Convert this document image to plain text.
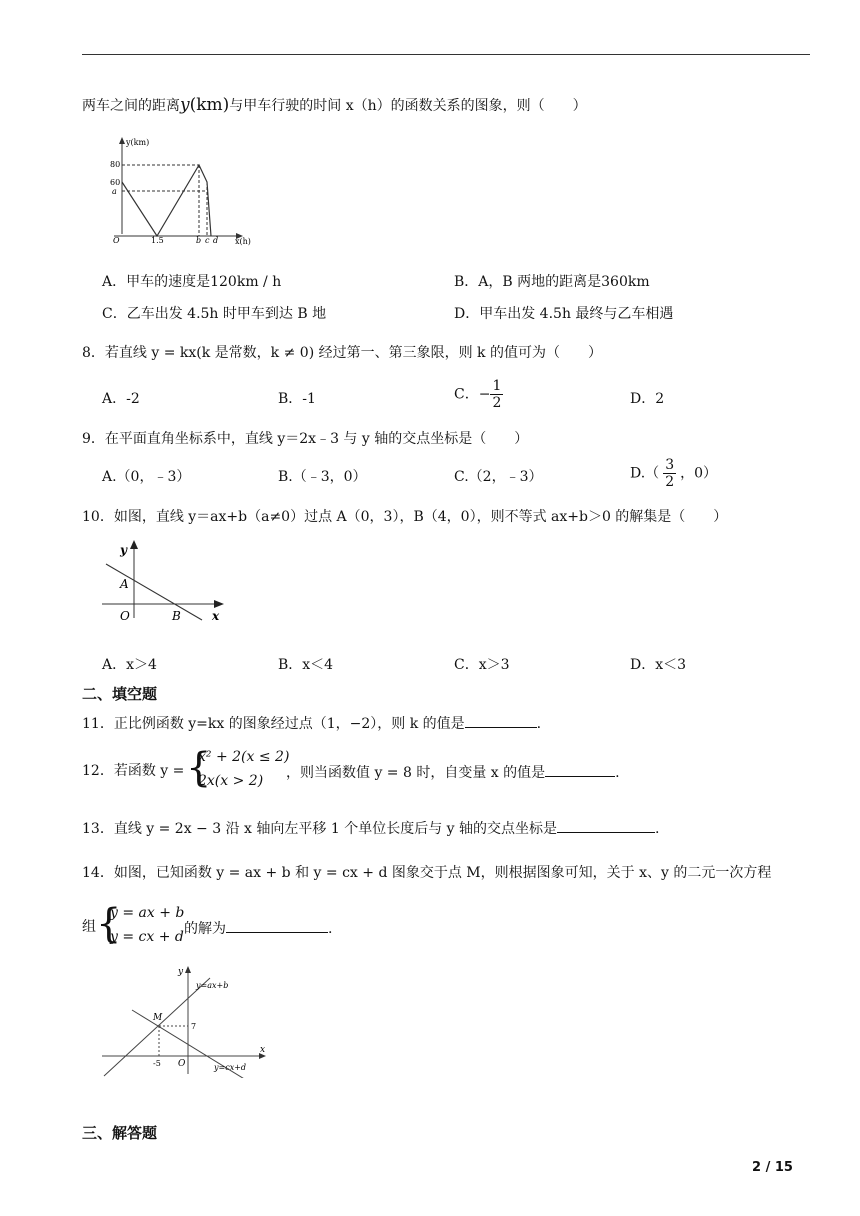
两车之间的距离y(km)与甲车行驶的时间 x（h）的函数关系的图象，则（　　）
y(km)
x(h)
80
60
a
O	1.5	b c d
A．甲车的速度是120km / h	B．A，B 两地的距离是360km
C．乙车出发 4.5h 时甲车到达 B 地	D．甲车出发 4.5h 最终与乙车相遇
8．若直线 y = kx(k 是常数，k ≠ 0) 经过第一、第三象限，则 k 的值可为（　　）
A．-2	B．-1	C．− $\frac{1}{2}$	D．2
9．在平面直角坐标系中，直线 y＝2x﹣3 与 y 轴的交点坐标是（　　）
A.（0，﹣3）	B.（﹣3，0）	C.（2，﹣3）	$D.( \frac{3}{2}$ ，0）
10．如图，直线 y＝ax+b（a≠0）过点 A（0，3），B（4，0），则不等式 ax+b＞0 的解集是（　　）
y
x
A
B
O
A．x＞4	B．x＜4	C．x＞3	D．x＜3
二、填空题
11．正比例函数 y=kx 的图象经过点（1，−2），则 k 的值是	.
12．若函数 y = {
x² + 2(x ≤ 2)
2x(x > 2) ，则当函数值 y = 8 时，自变量 x 的值是	.
13．直线 y = 2x − 3 沿 x 轴向左平移 1 个单位长度后与 y 轴的交点坐标是	.
14．如图，已知函数 y = ax + b 和 y = cx + d 图象交于点 M，则根据图象可知，关于 x、y 的二元一次方程
组 {
y = ax + b
y = cx + d 的解为	.
y
x
y=ax+b
y=cx+d
M
7
-5 O
三、解答题
2 / 15
